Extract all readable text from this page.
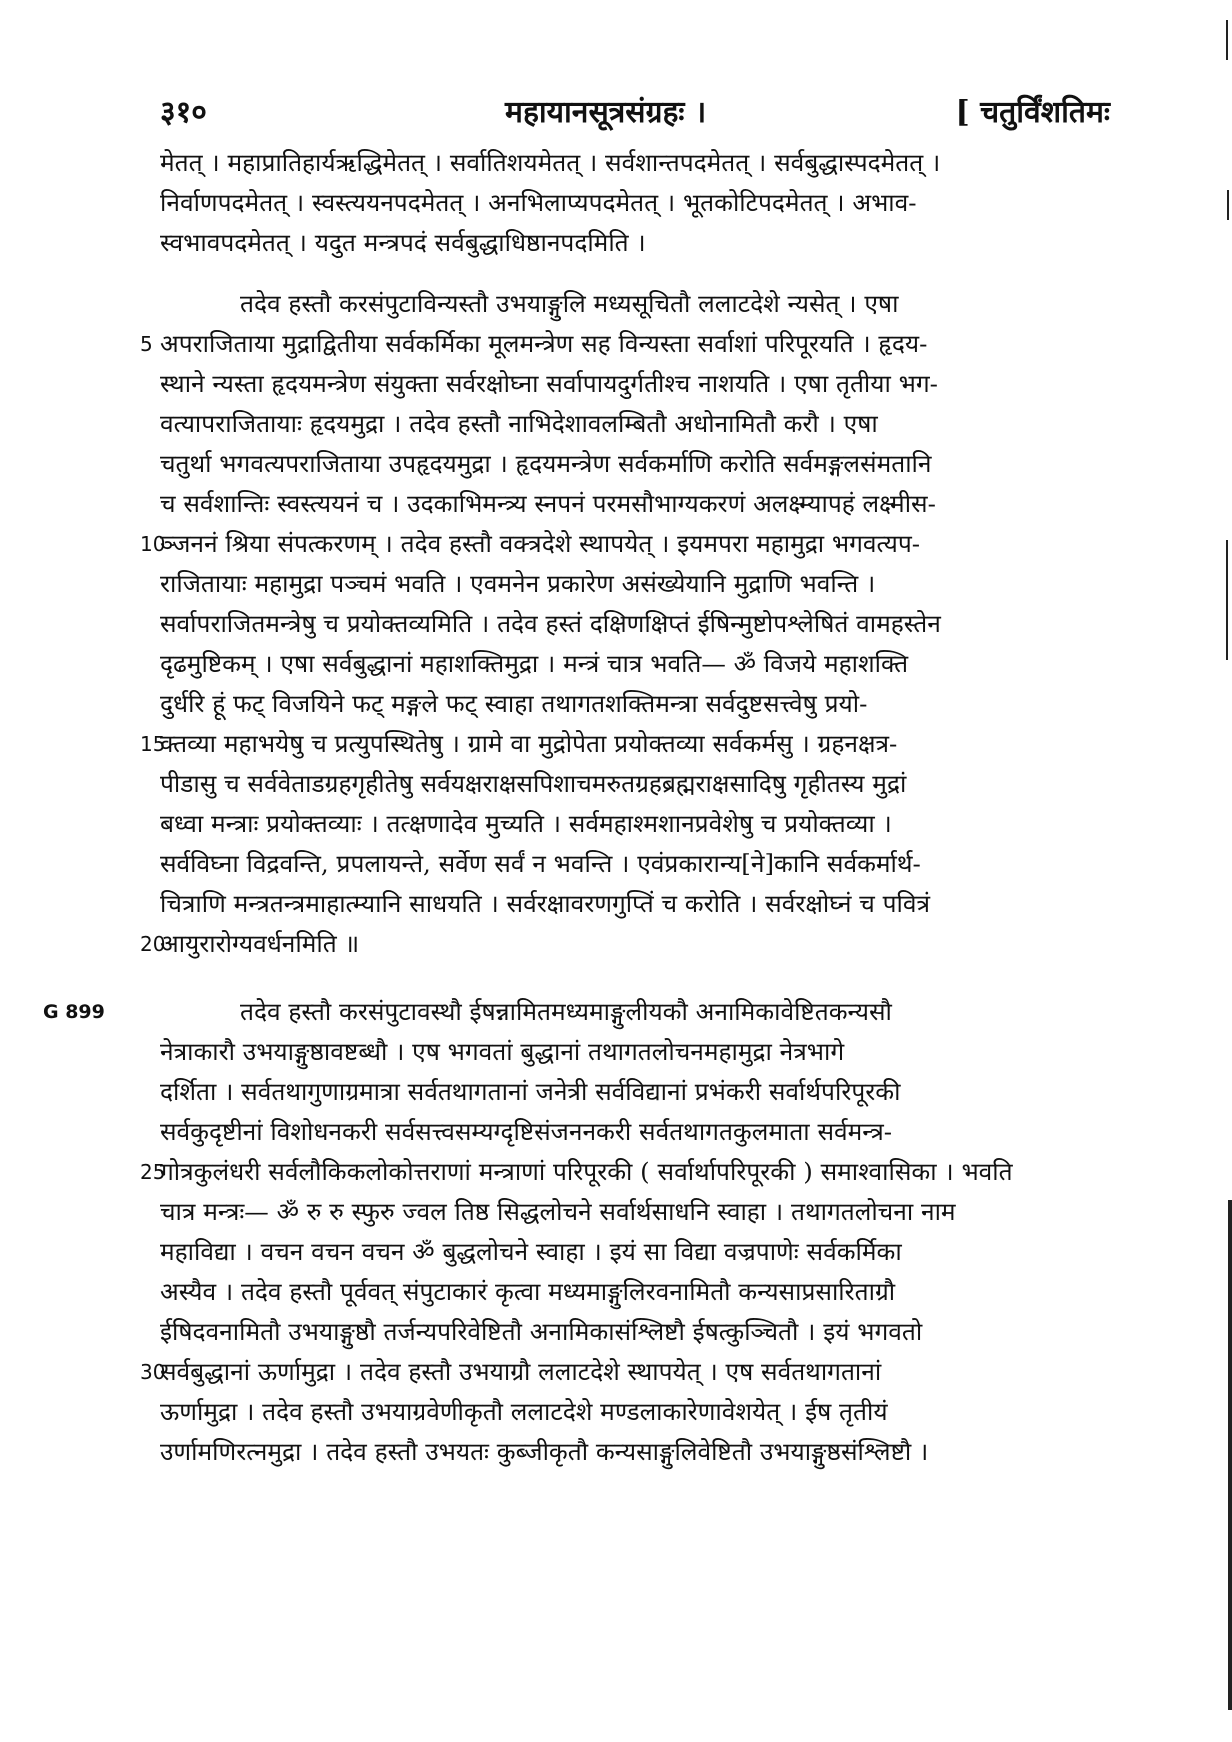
३१०	महायानसूत्रसंग्रहः ।	[ चतुर्विंशतिमः
मेतत् । महाप्रातिहार्यऋद्धिमेतत् । सर्वातिशयमेतत् । सर्वशान्तपदमेतत् । सर्वबुद्धास्पदमेतत् ।
निर्वाणपदमेतत् । स्वस्त्ययनपदमेतत् । अनभिलाप्यपदमेतत् । भूतकोटिपदमेतत् । अभाव-
स्वभावपदमेतत् । यदुत मन्त्रपदं सर्वबुद्धाधिष्ठानपदमिति ।
तदेव हस्तौ करसंपुटाविन्यस्तौ उभयाङ्गुलि मध्यसूचितौ ललाटदेशे न्यसेत् । एषा
5 अपराजिताया मुद्राद्वितीया सर्वकर्मिका मूलमन्त्रेण सह विन्यस्ता सर्वाशां परिपूरयति । हृदय-
स्थाने न्यस्ता हृदयमन्त्रेण संयुक्ता सर्वरक्षोघ्ना सर्वापायदुर्गतीश्च नाशयति । एषा तृतीया भग-
वत्यापराजितायाः हृदयमुद्रा । तदेव हस्तौ नाभिदेशावलम्बितौ अधोनामितौ करौ । एषा
चतुर्था भगवत्यपराजिताया उपहृदयमुद्रा । हृदयमन्त्रेण सर्वकर्माणि करोति सर्वमङ्गलसंमतानि
च सर्वशान्तिः स्वस्त्ययनं च । उदकाभिमन्त्र्य स्नपनं परमसौभाग्यकरणं अलक्ष्म्यापहं लक्ष्मीस-
10
ञ्जननं श्रिया संपत्करणम् । तदेव हस्तौ वक्त्रदेशे स्थापयेत् । इयमपरा महामुद्रा भगवत्यप-
राजितायाः महामुद्रा पञ्चमं भवति । एवमनेन प्रकारेण असंख्येयानि मुद्राणि भवन्ति ।
सर्वापराजितमन्त्रेषु च प्रयोक्तव्यमिति । तदेव हस्तं दक्षिणक्षिप्तं ईषिन्मुष्टोपश्लेषितं वामहस्तेन
दृढमुष्टिकम् । एषा सर्वबुद्धानां महाशक्तिमुद्रा । मन्त्रं चात्र भवति— ॐ विजये महाशक्ति
दुर्धरि हूं फट् विजयिने फट् मङ्गले फट् स्वाहा तथागतशक्तिमन्त्रा सर्वदुष्टसत्त्वेषु प्रयो-
15
क्तव्या महाभयेषु च प्रत्युपस्थितेषु । ग्रामे वा मुद्रोपेता प्रयोक्तव्या सर्वकर्मसु । ग्रहनक्षत्र-
पीडासु च सर्ववेताडग्रहगृहीतेषु सर्वयक्षराक्षसपिशाचमरुतग्रहब्रह्मराक्षसादिषु गृहीतस्य मुद्रां
बध्वा मन्त्राः प्रयोक्तव्याः । तत्क्षणादेव मुच्यति । सर्वमहाश्मशानप्रवेशेषु च प्रयोक्तव्या ।
सर्वविघ्ना विद्रवन्ति, प्रपलायन्ते, सर्वेण सर्वं न भवन्ति । एवंप्रकारान्य[ने]कानि सर्वकर्मार्थ-
चित्राणि मन्त्रतन्त्रमाहात्म्यानि साधयति । सर्वरक्षावरणगुप्तिं च करोति । सर्वरक्षोघ्नं च पवित्रं
20
आयुरारोग्यवर्धनमिति ॥
G 899	तदेव हस्तौ करसंपुटावस्थौ ईषन्नामितमध्यमाङ्गुलीयकौ अनामिकावेष्टितकन्यसौ
नेत्राकारौ उभयाङ्गुष्ठावष्टब्धौ । एष भगवतां बुद्धानां तथागतलोचनमहामुद्रा नेत्रभागे
दर्शिता । सर्वतथागुणाग्रमात्रा सर्वतथागतानां जनेत्री सर्वविद्यानां प्रभंकरी सर्वार्थपरिपूरकी
सर्वकुदृष्टीनां विशोधनकरी सर्वसत्त्वसम्यग्दृष्टिसंजननकरी सर्वतथागतकुलमाता सर्वमन्त्र-
25
गोत्रकुलंधरी सर्वलौकिकलोकोत्तराणां मन्त्राणां परिपूरकी ( सर्वार्थापरिपूरकी ) समाश्वासिका । भवति
चात्र मन्त्रः— ॐ रु रु स्फुरु ज्वल तिष्ठ सिद्धलोचने सर्वार्थसाधनि स्वाहा । तथागतलोचना नाम
महाविद्या । वचन वचन वचन ॐ बुद्धलोचने स्वाहा । इयं सा विद्या वज्रपाणेः सर्वकर्मिका
अस्यैव । तदेव हस्तौ पूर्ववत् संपुटाकारं कृत्वा मध्यमाङ्गुलिरवनामितौ कन्यसाप्रसारिताग्रौ
ईषिदवनामितौ उभयाङ्गुष्ठौ तर्जन्यपरिवेष्टितौ अनामिकासंश्लिष्टौ ईषत्कुञ्चितौ । इयं भगवतो
30
सर्वबुद्धानां ऊर्णामुद्रा । तदेव हस्तौ उभयाग्रौ ललाटदेशे स्थापयेत् । एष सर्वतथागतानां
ऊर्णामुद्रा । तदेव हस्तौ उभयाग्रवेणीकृतौ ललाटदेशे मण्डलाकारेणावेशयेत् । ईष तृतीयं
उर्णामणिरत्नमुद्रा । तदेव हस्तौ उभयतः कुब्जीकृतौ कन्यसाङ्गुलिवेष्टितौ उभयाङ्गुष्ठसंश्लिष्टौ ।
